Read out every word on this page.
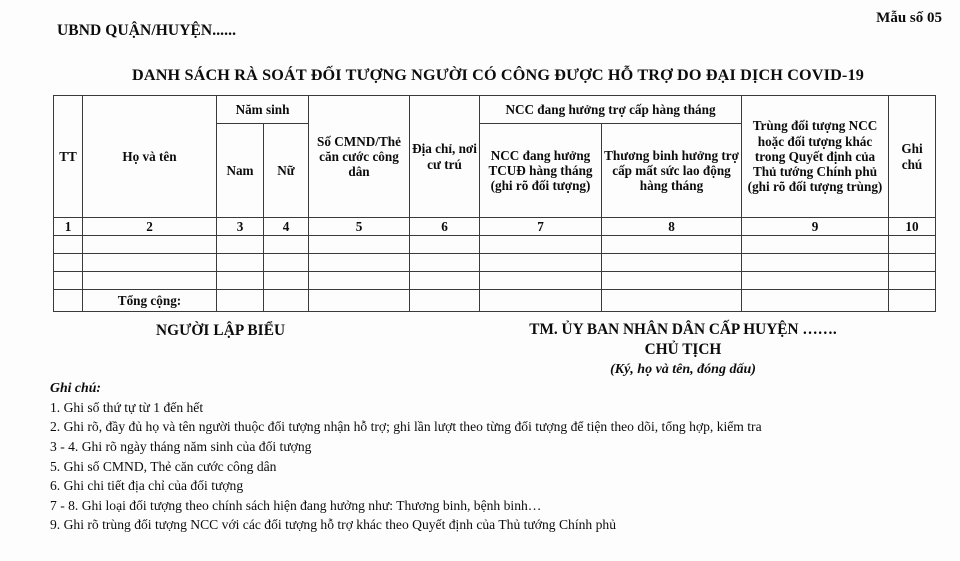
UBND QUẬN/HUYỆN......
Mẫu số 05
DANH SÁCH RÀ SOÁT ĐỐI TƯỢNG NGƯỜI CÓ CÔNG ĐƯỢC HỖ TRỢ DO ĐẠI DỊCH COVID-19
TT	Họ và tên	Năm sinh		Số CMND/Thẻ căn cước công dân	Địa chỉ, nơi cư trú	NCC đang hưởng trợ cấp hàng tháng		Trùng đối tượng NCC hoặc đối tượng khác trong Quyết định của Thủ tướng Chính phủ (ghi rõ đối tượng trùng)	Ghi chú
		Nam	Nữ			NCC đang hưởng TCUĐ hàng tháng (ghi rõ đối tượng)	Thương binh hưởng trợ cấp mất sức lao động hàng tháng		
1	2	3	4	5	6	7	8	9	10

	Tổng cộng:								
NGƯỜI LẬP BIỂU	TM. ỦY BAN NHÂN DÂN CẤP HUYỆN …….
CHỦ TỊCH
(Ký, họ và tên, đóng dấu)
Ghi chú:
1. Ghi số thứ tự từ 1 đến hết
2. Ghi rõ, đầy đủ họ và tên người thuộc đối tượng nhận hỗ trợ; ghi lần lượt theo từng đối tượng để tiện theo dõi, tổng hợp, kiểm tra
3 - 4. Ghi rõ ngày tháng năm sinh của đối tượng
5. Ghi số CMND, Thẻ căn cước công dân
6. Ghi chi tiết địa chỉ của đối tượng
7 - 8. Ghi loại đối tượng theo chính sách hiện đang hưởng như: Thương binh, bệnh binh…
9. Ghi rõ trùng đối tượng NCC với các đối tượng hỗ trợ khác theo Quyết định của Thủ tướng Chính phủ
